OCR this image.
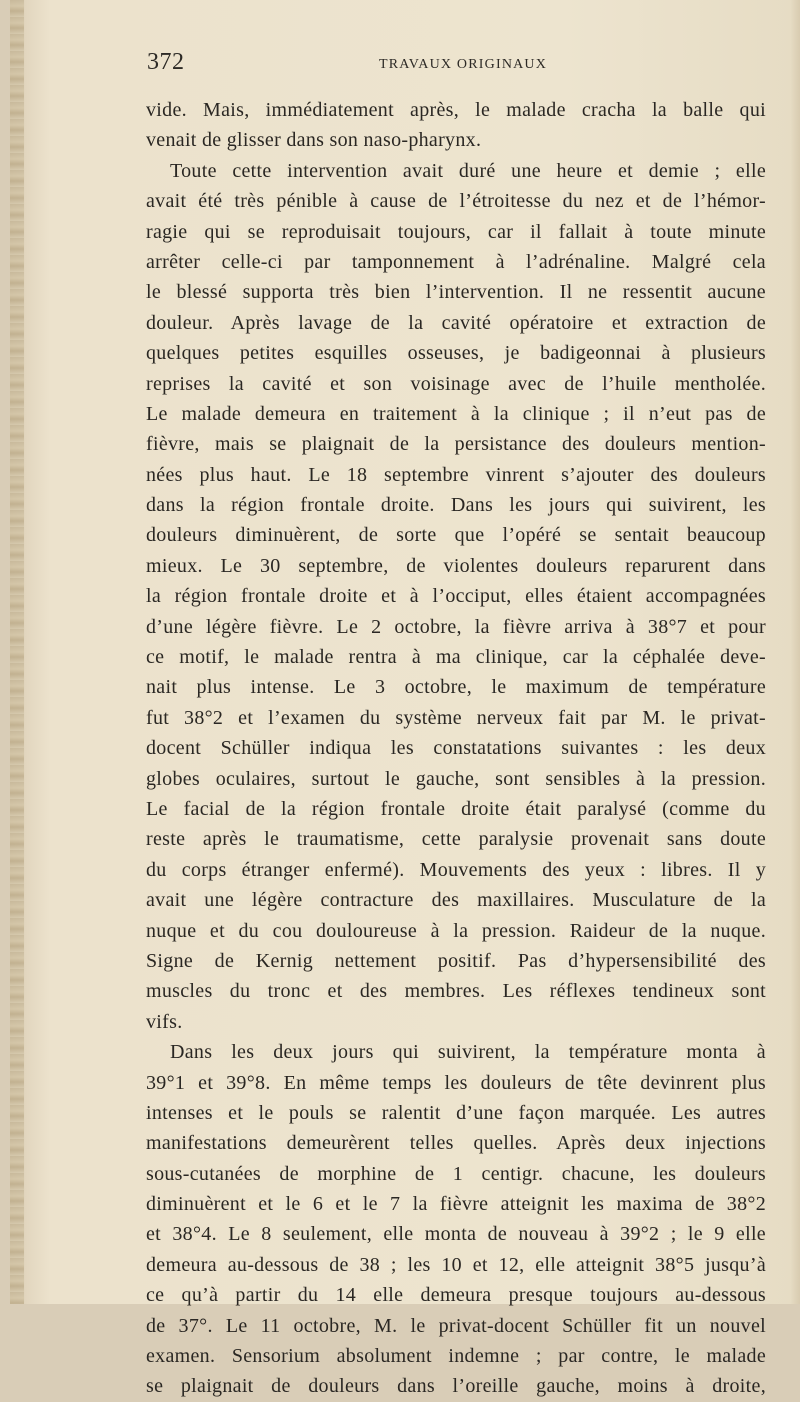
372	TRAVAUX ORIGINAUX
vide. Mais, immédiatement après, le malade cracha la balle qui
venait de glisser dans son naso-pharynx.
Toute cette intervention avait duré une heure et demie ; elle
avait été très pénible à cause de l’étroitesse du nez et de l’hémor-
ragie qui se reproduisait toujours, car il fallait à toute minute
arrêter celle-ci par tamponnement à l’adrénaline. Malgré cela
le blessé supporta très bien l’intervention. Il ne ressentit aucune
douleur. Après lavage de la cavité opératoire et extraction de
quelques petites esquilles osseuses, je badigeonnai à plusieurs
reprises la cavité et son voisinage avec de l’huile mentholée.
Le malade demeura en traitement à la clinique ; il n’eut pas de
fièvre, mais se plaignait de la persistance des douleurs mention-
nées plus haut. Le 18 septembre vinrent s’ajouter des douleurs
dans la région frontale droite. Dans les jours qui suivirent, les
douleurs diminuèrent, de sorte que l’opéré se sentait beaucoup
mieux. Le 30 septembre, de violentes douleurs reparurent dans
la région frontale droite et à l’occiput, elles étaient accompagnées
d’une légère fièvre. Le 2 octobre, la fièvre arriva à 38°7 et pour
ce motif, le malade rentra à ma clinique, car la céphalée deve-
nait plus intense. Le 3 octobre, le maximum de température
fut 38°2 et l’examen du système nerveux fait par M. le privat-
docent Schüller indiqua les constatations suivantes : les deux
globes oculaires, surtout le gauche, sont sensibles à la pression.
Le facial de la région frontale droite était paralysé (comme du
reste après le traumatisme, cette paralysie provenait sans doute
du corps étranger enfermé). Mouvements des yeux : libres. Il y
avait une légère contracture des maxillaires. Musculature de la
nuque et du cou douloureuse à la pression. Raideur de la nuque.
Signe de Kernig nettement positif. Pas d’hypersensibilité des
muscles du tronc et des membres. Les réflexes tendineux sont
vifs.
Dans les deux jours qui suivirent, la température monta à
39°1 et 39°8. En même temps les douleurs de tête devinrent plus
intenses et le pouls se ralentit d’une façon marquée. Les autres
manifestations demeurèrent telles quelles. Après deux injections
sous-cutanées de morphine de 1 centigr. chacune, les douleurs
diminuèrent et le 6 et le 7 la fièvre atteignit les maxima de 38°2
et 38°4. Le 8 seulement, elle monta de nouveau à 39°2 ; le 9 elle
demeura au-dessous de 38 ; les 10 et 12, elle atteignit 38°5 jusqu’à
ce qu’à partir du 14 elle demeura presque toujours au-dessous
de 37°. Le 11 octobre, M. le privat-docent Schüller fit un nouvel
examen. Sensorium absolument indemne ; par contre, le malade
se plaignait de douleurs dans l’oreille gauche, moins à droite,
